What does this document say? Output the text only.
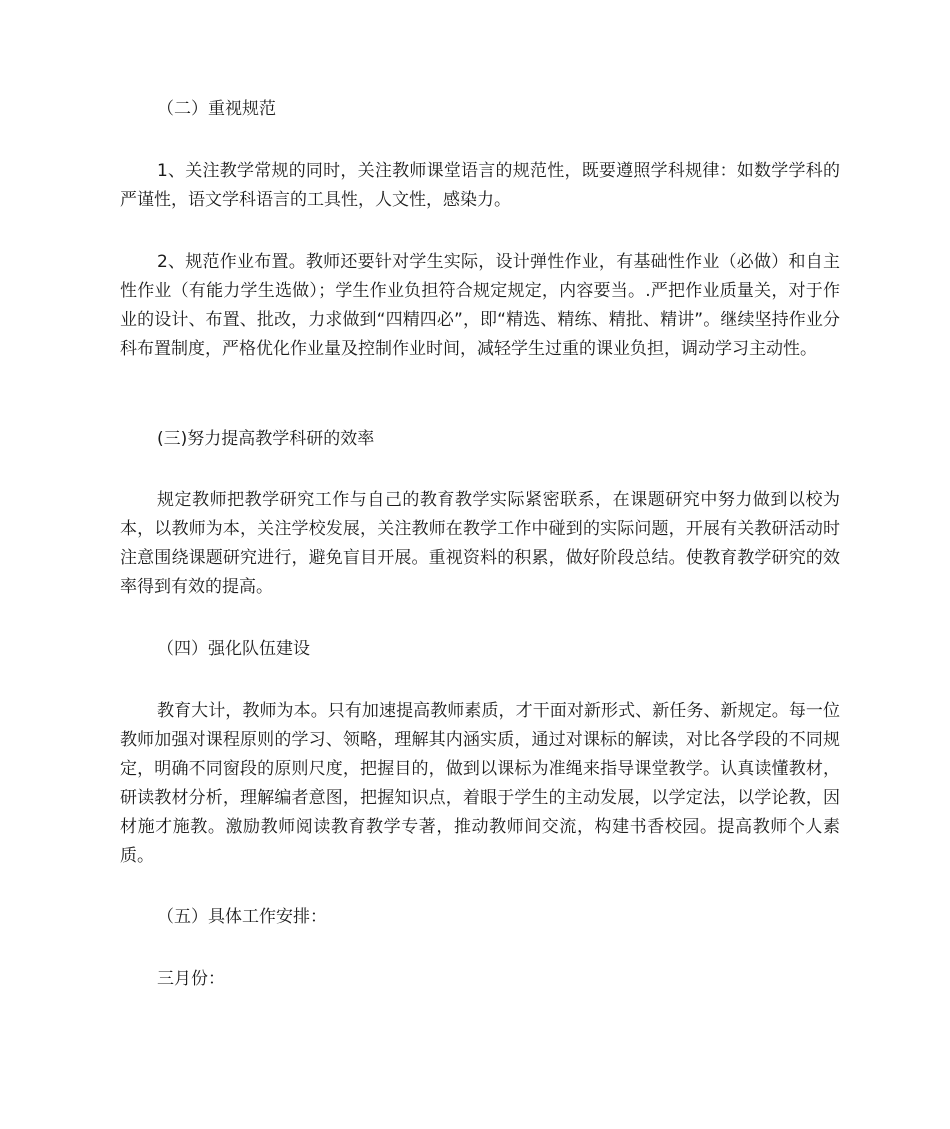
（二）重视规范

1、关注教学常规的同时，关注教师课堂语言的规范性，既要遵照学科规律：如数学学科的严谨性，语文学科语言的工具性，人文性，感染力。

2、规范作业布置。教师还要针对学生实际，设计弹性作业，有基础性作业（必做）和自主性作业（有能力学生选做）；学生作业负担符合规定规定，内容要当。.严把作业质量关，对于作业的设计、布置、批改，力求做到“四精四必”，即“精选、精练、精批、精讲”。继续坚持作业分科布置制度，严格优化作业量及控制作业时间，减轻学生过重的课业负担，调动学习主动性。

(三)努力提高教学科研的效率

规定教师把教学研究工作与自己的教育教学实际紧密联系，在课题研究中努力做到以校为本，以教师为本，关注学校发展，关注教师在教学工作中碰到的实际问题，开展有关教研活动时注意围绕课题研究进行，避免盲目开展。重视资料的积累，做好阶段总结。使教育教学研究的效率得到有效的提高。

（四）强化队伍建设

教育大计，教师为本。只有加速提高教师素质，才干面对新形式、新任务、新规定。每一位教师加强对课程原则的学习、领略，理解其内涵实质，通过对课标的解读，对比各学段的不同规定，明确不同窗段的原则尺度，把握目的，做到以课标为准绳来指导课堂教学。认真读懂教材，研读教材分析，理解编者意图，把握知识点，着眼于学生的主动发展，以学定法，以学论教，因材施才施教。激励教师阅读教育教学专著，推动教师间交流，构建书香校园。提高教师个人素质。

（五）具体工作安排：

三月份：
